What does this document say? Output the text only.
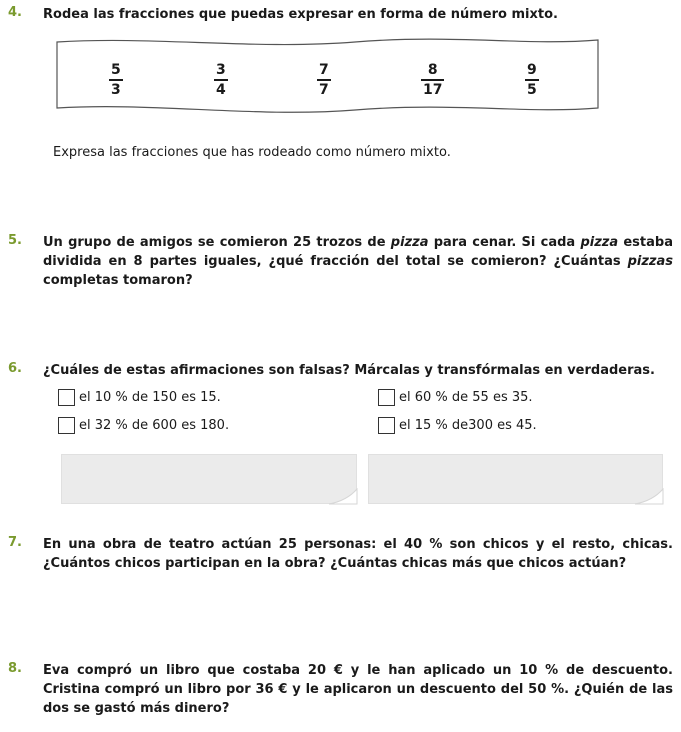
4. Rodea las fracciones que puedas expresar en forma de número mixto.
5
3
3
4
7
7
8
17
9
5
Expresa las fracciones que has rodeado como número mixto.
5. Un grupo de amigos se comieron 25 trozos de pizza para cenar. Si cada pizza estaba dividida en 8 partes iguales, ¿qué fracción del total se comieron? ¿Cuántas pizzas completas tomaron?
6. ¿Cuáles de estas afirmaciones son falsas? Márcalas y transfórmalas en verdaderas.
el 10 % de 150 es 15.	el 60 % de 55 es 35.
el 32 % de 600 es 180.	el 15 % de300 es 45.
7. En una obra de teatro actúan 25 personas: el 40 % son chicos y el resto, chicas. ¿Cuántos chicos participan en la obra? ¿Cuántas chicas más que chicos actúan?
8. Eva compró un libro que costaba 20 € y le han aplicado un 10 % de descuento. Cristina compró un libro por 36 € y le aplicaron un descuento del 50 %. ¿Quién de las dos se gastó más dinero?
